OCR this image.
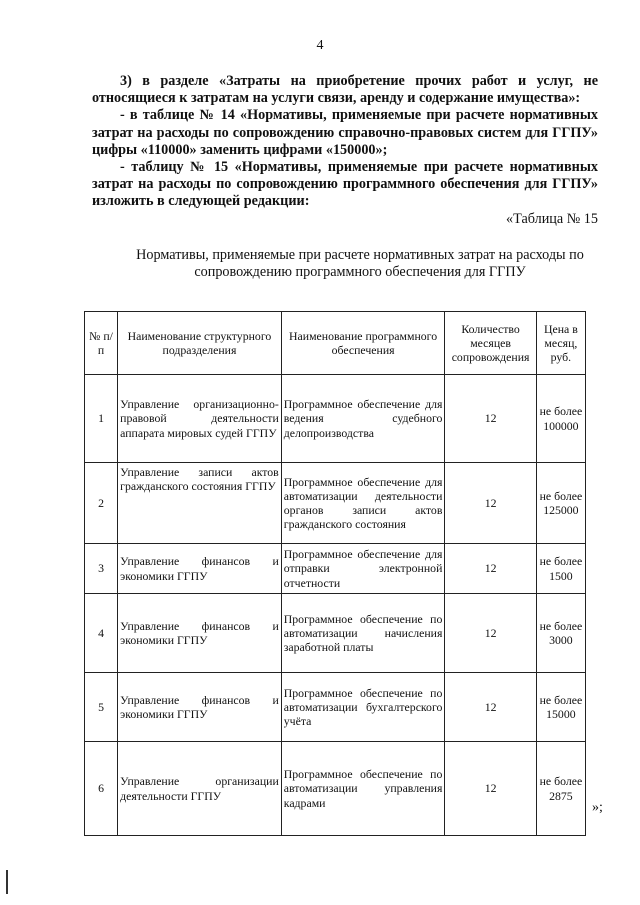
4

3) в разделе «Затраты на приобретение прочих работ и услуг, не относящиеся к затратам на услуги связи, аренду и содержание имущества»:

- в таблице № 14 «Нормативы, применяемые при расчете нормативных затрат на расходы по сопровождению справочно-правовых систем для ГГПУ» цифры «110000» заменить цифрами «150000»;

- таблицу № 15 «Нормативы, применяемые при расчете нормативных затрат на расходы по сопровождению программного обеспечения для ГГПУ» изложить в следующей редакции:

«Таблица № 15

Нормативы, применяемые при расчете нормативных затрат на расходы по сопровождению программного обеспечения для ГГПУ
№ п/п	Наименование структурного подразделения	Наименование программного обеспечения	Количество месяцев сопровождения	Цена в месяц, руб.
1	Управление организационно-правовой деятельности аппарата мировых судей ГГПУ	Программное обеспечение для ведения судебного делопроизводства	12	не более 100000
2	Управление записи актов гражданского состояния ГГПУ	Программное обеспечение для автоматизации деятельности органов записи актов гражданского состояния	12	не более 125000
3	Управление финансов и экономики ГГПУ	Программное обеспечение для отправки электронной отчетности	12	не более 1500
4	Управление финансов и экономики ГГПУ	Программное обеспечение по автоматизации начисления заработной платы	12	не более 3000
5	Управление финансов и экономики ГГПУ	Программное обеспечение по автоматизации бухгалтерского учёта	12	не более 15000
6	Управление организации деятельности ГГПУ	Программное обеспечение по автоматизации управления кадрами	12	не более 2875
»;
